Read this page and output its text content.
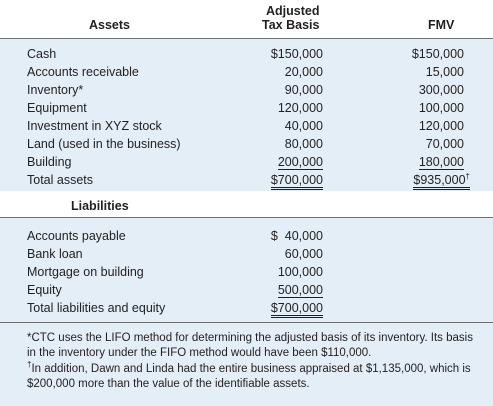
Assets
Adjusted
Tax Basis	FMV
Cash	$150,000	$150,000
Accounts receivable	20,000	15,000
Inventory*	90,000	300,000
Equipment	120,000	100,000
Investment in XYZ stock	40,000	120,000
Land (used in the business)	80,000	70,000
Building	200,000	180,000
Total assets	$700,000	$935,000†
Liabilities
Accounts payable	$  40,000
Bank loan	60,000
Mortgage on building	100,000
Equity	500,000
Total liabilities and equity	$700,000
*CTC uses the LIFO method for determining the adjusted basis of its inventory. Its basis
in the inventory under the FIFO method would have been $110,000.
†In addition, Dawn and Linda had the entire business appraised at $1,135,000, which is
$200,000 more than the value of the identifiable assets.
